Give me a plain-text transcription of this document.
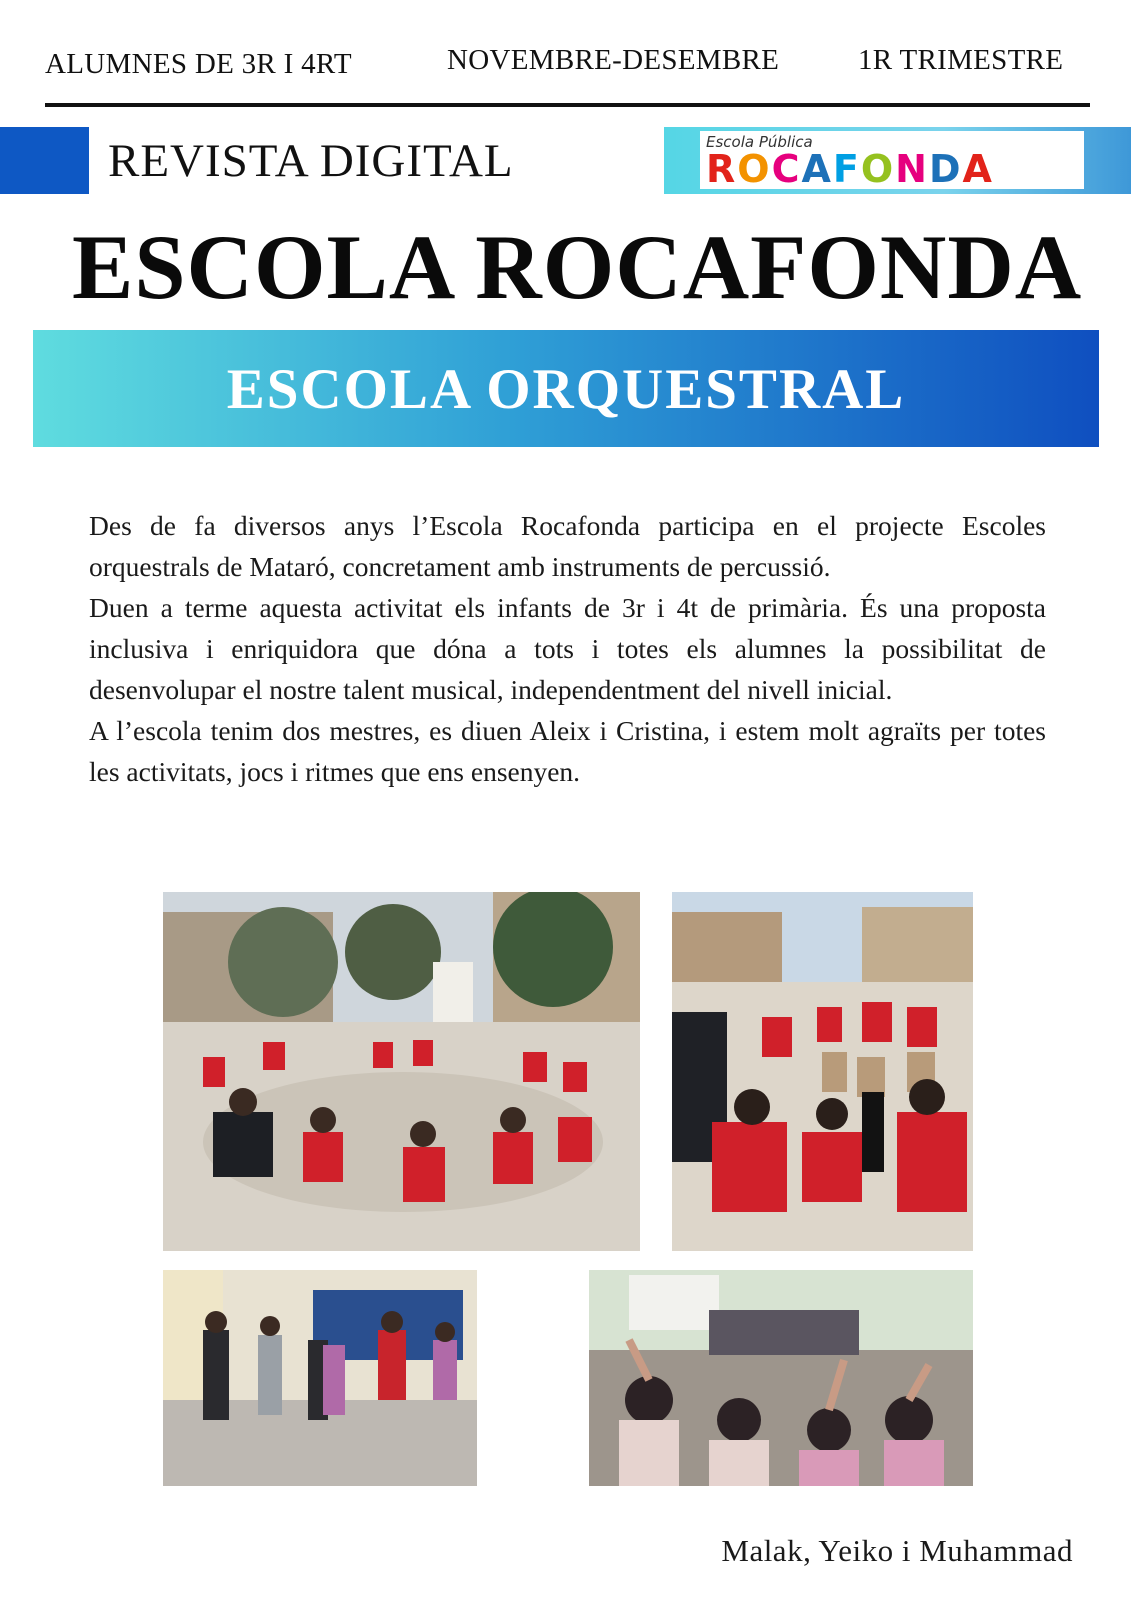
ALUMNES DE 3R I 4RT	NOVEMBRE-DESEMBRE	1R TRIMESTRE
REVISTA DIGITAL	Escola Pública
ROCAFONDA
ESCOLA ROCAFONDA
ESCOLA ORQUESTRAL

Des de fa diversos anys l’Escola Rocafonda participa en el projecte Escoles orquestrals de Mataró, concretament amb instruments de percussió.

Duen a terme aquesta activitat els infants de 3r i 4t de primària. És una proposta inclusiva i enriquidora que dóna a tots i totes els alumnes la possibilitat de desenvolupar el nostre talent musical, independentment del nivell inicial.

A l’escola tenim dos mestres, es diuen Aleix i Cristina, i estem molt agraïts per totes les activitats, jocs i ritmes que ens ensenyen.

Malak, Yeiko i Muhammad
